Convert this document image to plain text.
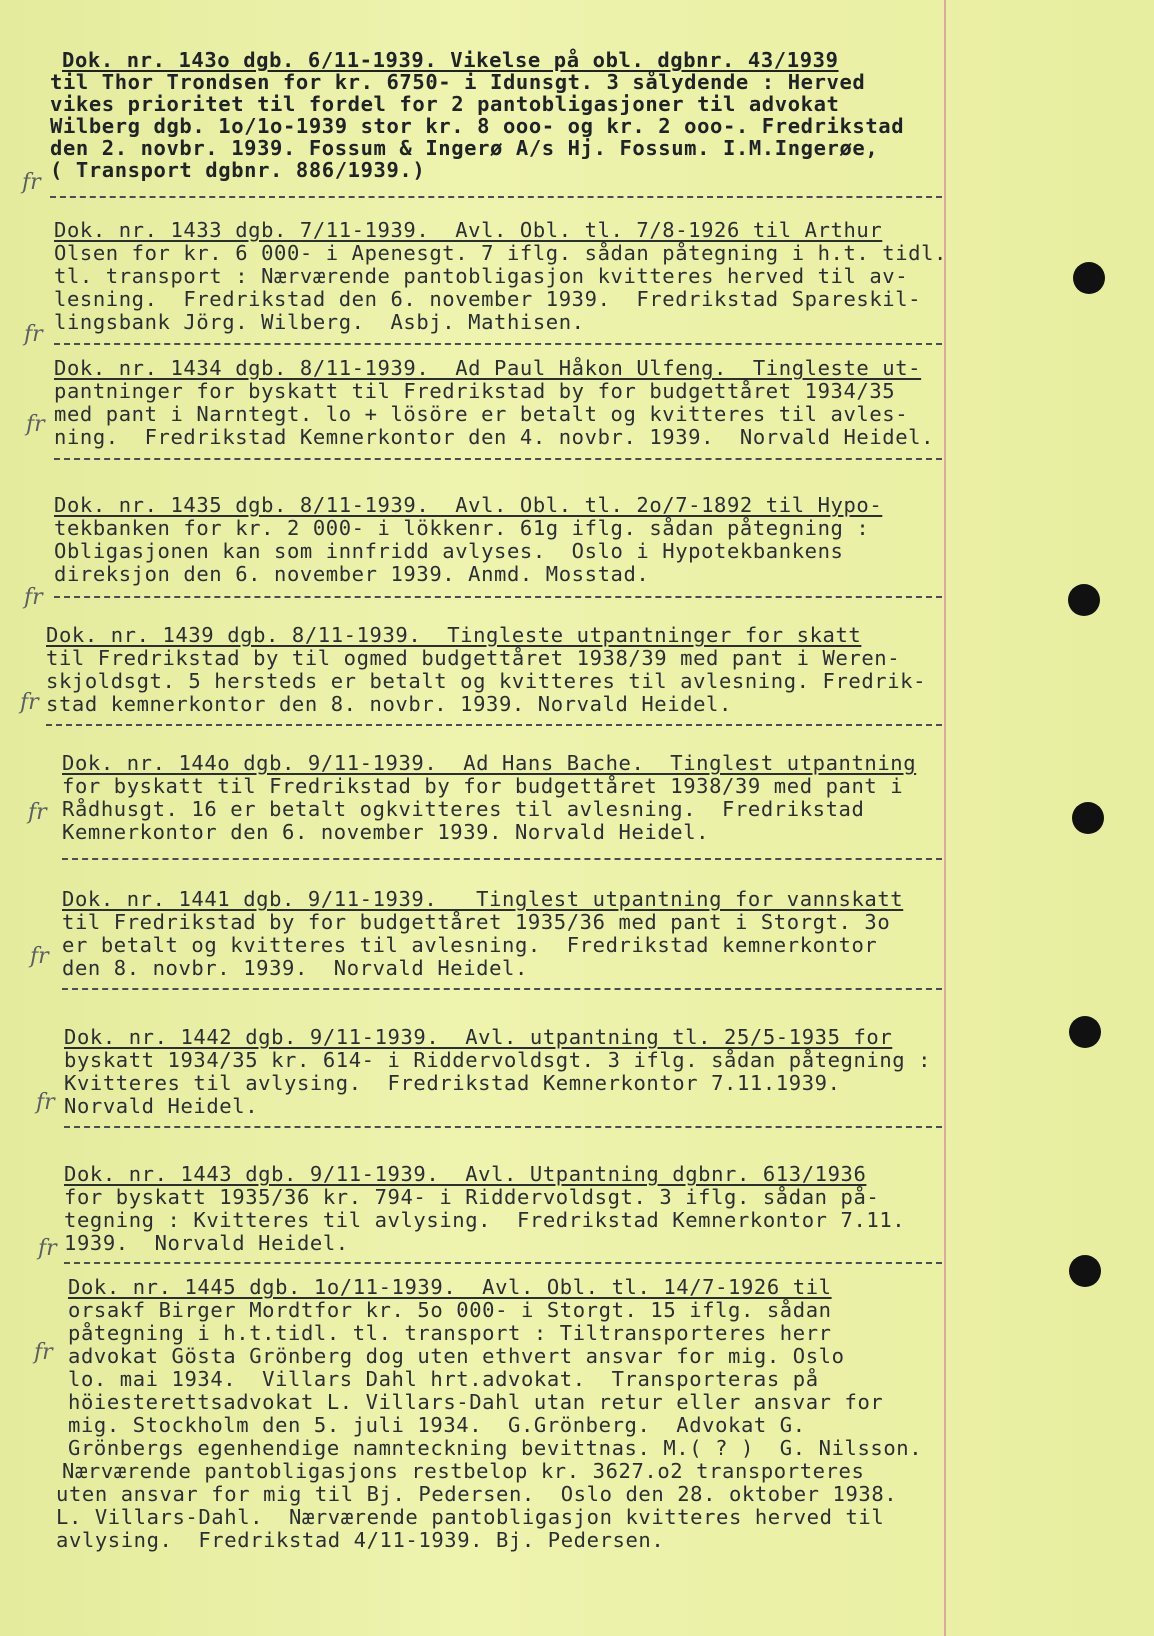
Dok. nr. 143o dgb. 6/11-1939. Vikelse på obl. dgbnr. 43/1939
til Thor Trondsen for kr. 6750- i Idunsgt. 3 sålydende : Herved
vikes prioritet til fordel for 2 pantobligasjoner til advokat
Wilberg dgb. 1o/1o-1939 stor kr. 8 ooo- og kr. 2 ooo-. Fredrikstad
den 2. novbr. 1939. Fossum & Ingerø A/s Hj. Fossum. I.M.Ingerøe,
( Transport dgbnr. 886/1939.)
fr
Dok. nr. 1433 dgb. 7/11-1939.  Avl. Obl. tl. 7/8-1926 til Arthur
Olsen for kr. 6 000- i Apenesgt. 7 iflg. sådan påtegning i h.t. tidl.
tl. transport : Nærværende pantobligasjon kvitteres herved til av-
lesning.  Fredrikstad den 6. november 1939.  Fredrikstad Spareskil-
lingsbank Jörg. Wilberg.  Asbj. Mathisen.
fr
Dok. nr. 1434 dgb. 8/11-1939.  Ad Paul Håkon Ulfeng.  Tingleste ut-
pantninger for byskatt til Fredrikstad by for budgettåret 1934/35
med pant i Narntegt. lo + lösöre er betalt og kvitteres til avles-
ning.  Fredrikstad Kemnerkontor den 4. novbr. 1939.  Norvald Heidel.
fr
Dok. nr. 1435 dgb. 8/11-1939.  Avl. Obl. tl. 2o/7-1892 til Hypo-
tekbanken for kr. 2 000- i lökkenr. 61g iflg. sådan påtegning :
Obligasjonen kan som innfridd avlyses.  Oslo i Hypotekbankens
direksjon den 6. november 1939. Anmd. Mosstad.
fr
Dok. nr. 1439 dgb. 8/11-1939.  Tingleste utpantninger for skatt
til Fredrikstad by til ogmed budgettåret 1938/39 med pant i Weren-
skjoldsgt. 5 hersteds er betalt og kvitteres til avlesning. Fredrik-
stad kemnerkontor den 8. novbr. 1939. Norvald Heidel.
fr
Dok. nr. 144o dgb. 9/11-1939.  Ad Hans Bache.  Tinglest utpantning
for byskatt til Fredrikstad by for budgettåret 1938/39 med pant i
Rådhusgt. 16 er betalt ogkvitteres til avlesning.  Fredrikstad
Kemnerkontor den 6. november 1939. Norvald Heidel.
fr
Dok. nr. 1441 dgb. 9/11-1939.   Tinglest utpantning for vannskatt
til Fredrikstad by for budgettåret 1935/36 med pant i Storgt. 3o
er betalt og kvitteres til avlesning.  Fredrikstad kemnerkontor
den 8. novbr. 1939.  Norvald Heidel.
fr
Dok. nr. 1442 dgb. 9/11-1939.  Avl. utpantning tl. 25/5-1935 for
byskatt 1934/35 kr. 614- i Riddervoldsgt. 3 iflg. sådan påtegning :
Kvitteres til avlysing.  Fredrikstad Kemnerkontor 7.11.1939.
Norvald Heidel.
fr
Dok. nr. 1443 dgb. 9/11-1939.  Avl. Utpantning dgbnr. 613/1936
for byskatt 1935/36 kr. 794- i Riddervoldsgt. 3 iflg. sådan på-
tegning : Kvitteres til avlysing.  Fredrikstad Kemnerkontor 7.11.
1939.  Norvald Heidel.
fr
Dok. nr. 1445 dgb. 1o/11-1939.  Avl. Obl. tl. 14/7-1926 til
orsakf Birger Mordtfor kr. 5o 000- i Storgt. 15 iflg. sådan
påtegning i h.t.tidl. tl. transport : Tiltransporteres herr
advokat Gösta Grönberg dog uten ethvert ansvar for mig. Oslo
lo. mai 1934.  Villars Dahl hrt.advokat.  Transporteras på
höiesterettsadvokat L. Villars-Dahl utan retur eller ansvar for
mig. Stockholm den 5. juli 1934.  G.Grönberg.  Advokat G.
Grönbergs egenhendige namnteckning bevittnas. M.( ? )  G. Nilsson.
Nærværende pantobligasjons restbelop kr. 3627.o2 transporteres
uten ansvar for mig til Bj. Pedersen.  Oslo den 28. oktober 1938.
L. Villars-Dahl.  Nærværende pantobligasjon kvitteres herved til
avlysing.  Fredrikstad 4/11-1939. Bj. Pedersen.
fr
